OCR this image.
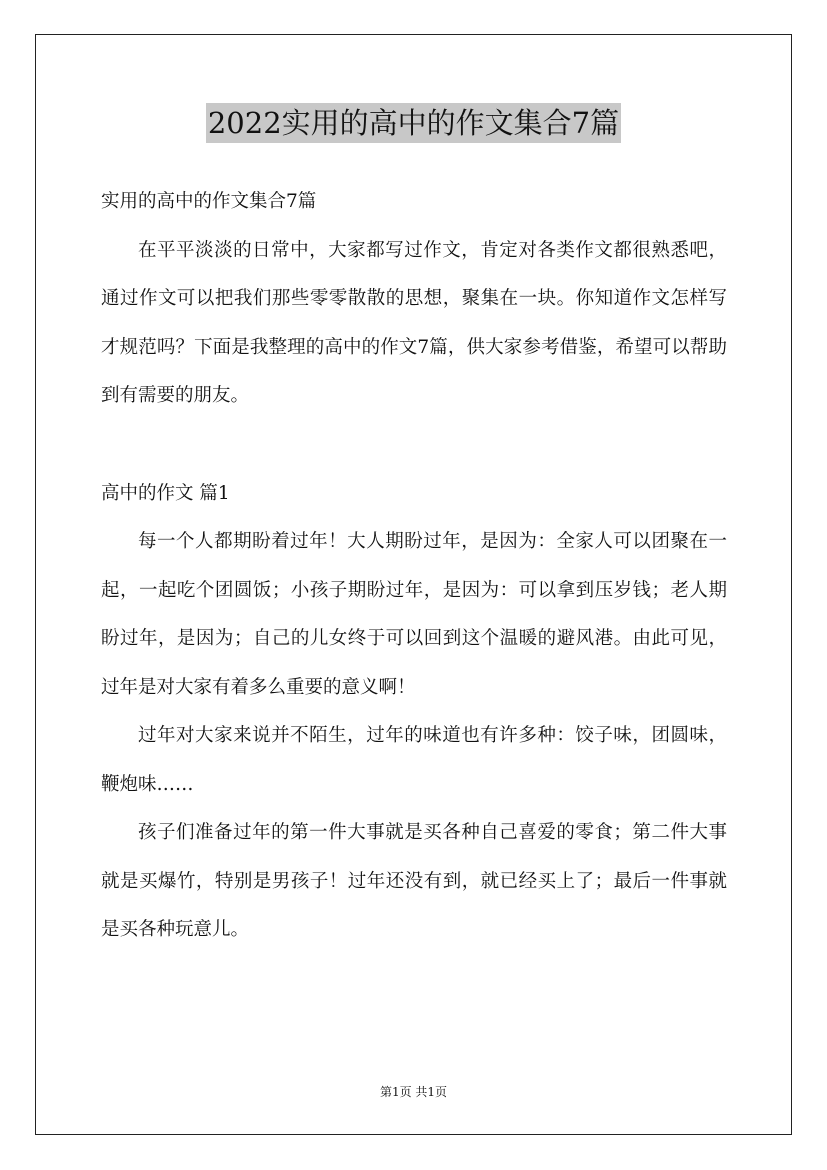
2022实用的高中的作文集合7篇

实用的高中的作文集合7篇

在平平淡淡的日常中，大家都写过作文，肯定对各类作文都很熟悉吧，通过作文可以把我们那些零零散散的思想，聚集在一块。你知道作文怎样写才规范吗？下面是我整理的高中的作文7篇，供大家参考借鉴，希望可以帮助到有需要的朋友。

高中的作文 篇1

每一个人都期盼着过年！大人期盼过年，是因为：全家人可以团聚在一起，一起吃个团圆饭；小孩子期盼过年，是因为：可以拿到压岁钱；老人期盼过年，是因为；自己的儿女终于可以回到这个温暖的避风港。由此可见，过年是对大家有着多么重要的意义啊！

过年对大家来说并不陌生，过年的味道也有许多种：饺子味，团圆味，鞭炮味……

孩子们准备过年的第一件大事就是买各种自己喜爱的零食；第二件大事就是买爆竹，特别是男孩子！过年还没有到，就已经买上了；最后一件事就是买各种玩意儿。

第1页 共1页
